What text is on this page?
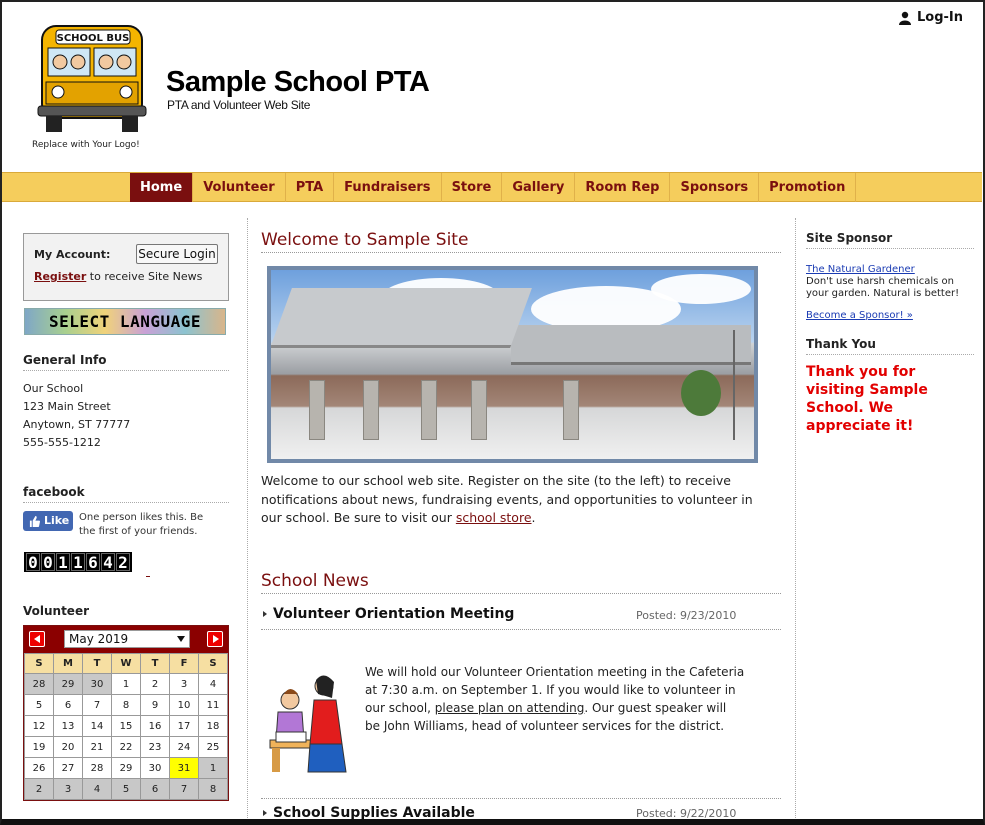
Log-In
SCHOOL BUS
Replace with Your Logo!
Sample School PTA
PTA and Volunteer Web Site
Home	Volunteer	PTA	Fundraisers	Store	Gallery	Room Rep	Sponsors	Promotion
My Account: Secure Login
Register to receive Site News
SELECT LANGUAGE
General Info
Our School
123 Main Street
Anytown, ST 77777
555-555-1212
facebook
Like One person likes this. Be the first of your friends.
0 0 1 1 6 4 2
Volunteer
May 2019
S	M	T	W	T	F	S
28	29	30	1	2	3	4
5	6	7	8	9	10	11
12	13	14	15	16	17	18
19	20	21	22	23	24	25
26	27	28	29	30	31	1
2	3	4	5	6	7	8
Welcome to Sample Site
Welcome to our school web site. Register on the site (to the left) to receive notifications about news, fundraising events, and opportunities to volunteer in our school. Be sure to visit our school store.
School News
Volunteer Orientation Meeting	Posted: 9/23/2010
We will hold our Volunteer Orientation meeting in the Cafeteria at 7:30 a.m. on September 1. If you would like to volunteer in our school, please plan on attending. Our guest speaker will be John Williams, head of volunteer services for the district.
School Supplies Available	Posted: 9/22/2010
Site Sponsor
The Natural Gardener
Don't use harsh chemicals on your garden. Natural is better!
Become a Sponsor! »
Thank You
Thank you for visiting Sample School. We appreciate it!
